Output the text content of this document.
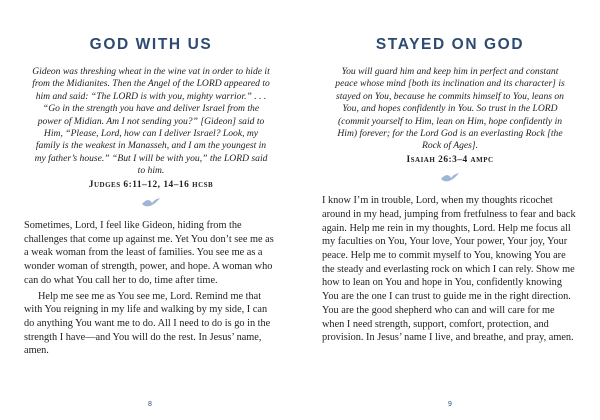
GOD WITH US

Gideon was threshing wheat in the wine vat in order to hide it from the Midianites. Then the Angel of the LORD appeared to him and said: “The LORD is with you, mighty warrior.” . . . “Go in the strength you have and deliver Israel from the power of Midian. Am I not sending you?” [Gideon] said to Him, “Please, Lord, how can I deliver Israel? Look, my family is the weakest in Manasseh, and I am the youngest in my father’s house.” “But I will be with you,” the LORD said to him.

Judges 6:11–12, 14–16 hcsb

Sometimes, Lord, I feel like Gideon, hiding from the challenges that come up against me. Yet You don’t see me as a weak woman from the least of families. You see me as a wonder woman of strength, power, and hope. A woman who can do what You call her to do, time after time.

Help me see me as You see me, Lord. Remind me that with You reigning in my life and walking by my side, I can do anything You want me to do. All I need to do is go in the strength I have—and You will do the rest. In Jesus’ name, amen.

8
STAYED ON GOD

You will guard him and keep him in perfect and constant peace whose mind [both its inclination and its character] is stayed on You, because he commits himself to You, leans on You, and hopes confidently in You. So trust in the LORD (commit yourself to Him, lean on Him, hope confidently in Him) forever; for the Lord God is an everlasting Rock [the Rock of Ages].

Isaiah 26:3–4 ampc

I know I’m in trouble, Lord, when my thoughts ricochet around in my head, jumping from fretfulness to fear and back again. Help me rein in my thoughts, Lord. Help me focus all my faculties on You, Your love, Your power, Your joy, Your peace. Help me to commit myself to You, knowing You are the steady and everlasting rock on which I can rely. Show me how to lean on You and hope in You, confidently knowing You are the one I can trust to guide me in the right direction. You are the good shepherd who can and will care for me when I need strength, support, comfort, protection, and provision. In Jesus’ name I live, and breathe, and pray, amen.

9
